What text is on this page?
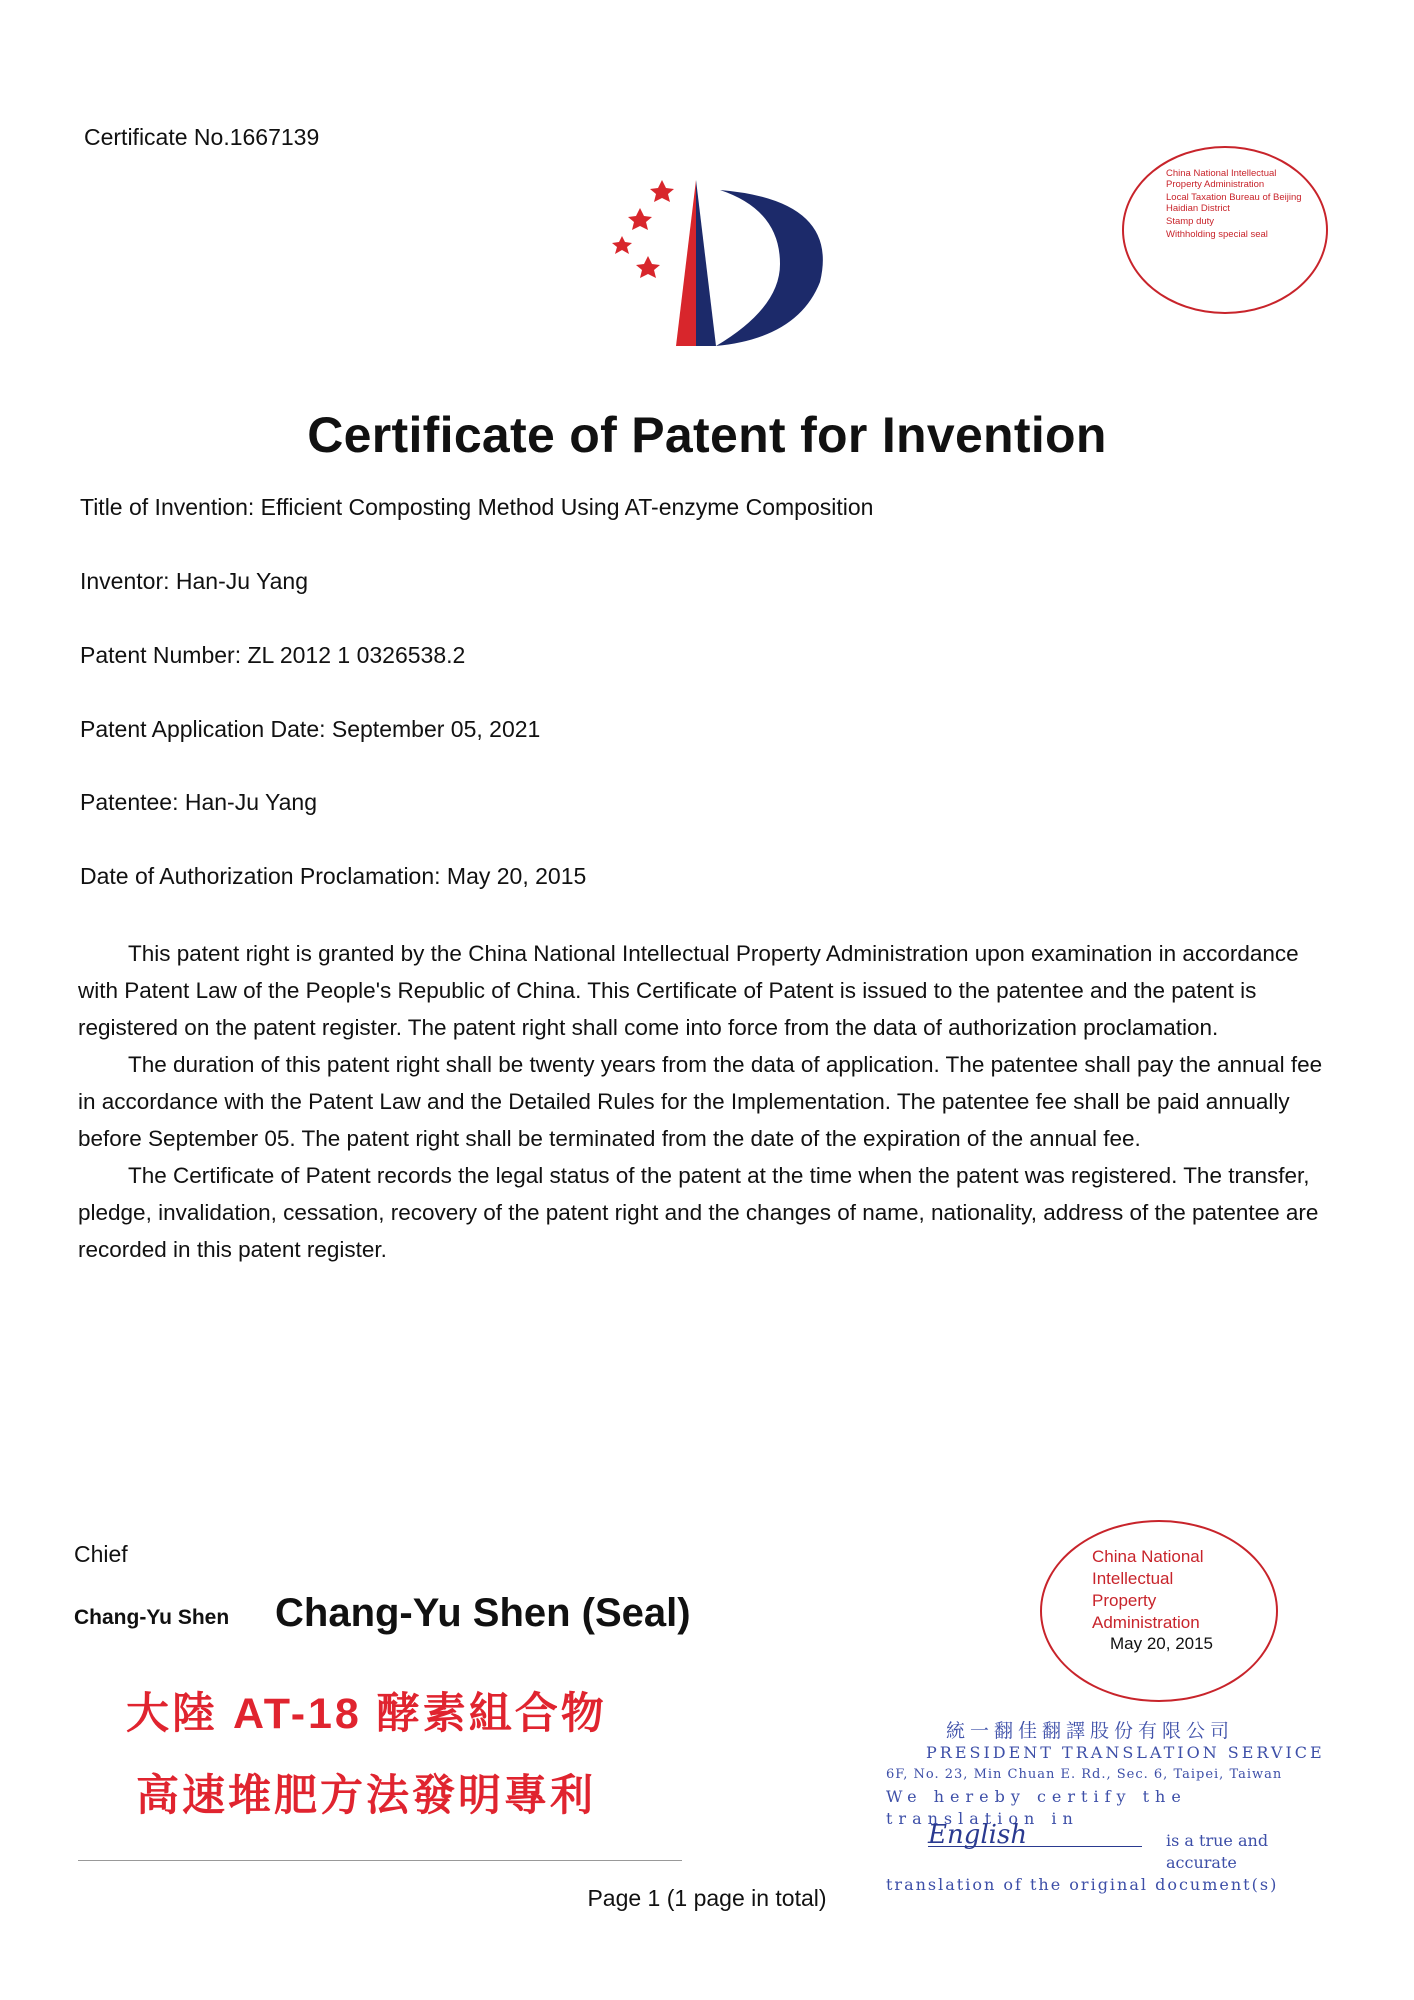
Certificate No.1667139
China National Intellectual Property Administration
Local Taxation Bureau of Beijing Haidian District
Stamp duty
Withholding special seal
Certificate of Patent for Invention
Title of Invention: Efficient Composting Method Using AT-enzyme Composition
Inventor: Han-Ju Yang
Patent Number: ZL 2012 1 0326538.2
Patent Application Date: September 05, 2021
Patentee: Han-Ju Yang
Date of Authorization Proclamation: May 20, 2015

This patent right is granted by the China National Intellectual Property Administration upon examination in accordance with Patent Law of the People's Republic of China. This Certificate of Patent is issued to the patentee and the patent is registered on the patent register. The patent right shall come into force from the data of authorization proclamation.

The duration of this patent right shall be twenty years from the data of application. The patentee shall pay the annual fee in accordance with the Patent Law and the Detailed Rules for the Implementation. The patentee fee shall be paid annually before September 05. The patent right shall be terminated from the date of the expiration of the annual fee.

The Certificate of Patent records the legal status of the patent at the time when the patent was registered. The transfer, pledge, invalidation, cessation, recovery of the patent right and the changes of name, nationality, address of the patentee are recorded in this patent register.

Chief
Chang-Yu Shen Chang-Yu Shen (Seal)
大陸 AT-18 酵素組合物
高速堆肥方法發明專利
China National
Intellectual
Property
Administration
May 20, 2015
統一翻佳翻譯股份有限公司
PRESIDENT TRANSLATION SERVICE
6F, No. 23, Min Chuan E. Rd., Sec. 6, Taipei, Taiwan
We hereby certify the translation in
English	is a true and accurate
translation of the original document(s)
Page 1 (1 page in total)
